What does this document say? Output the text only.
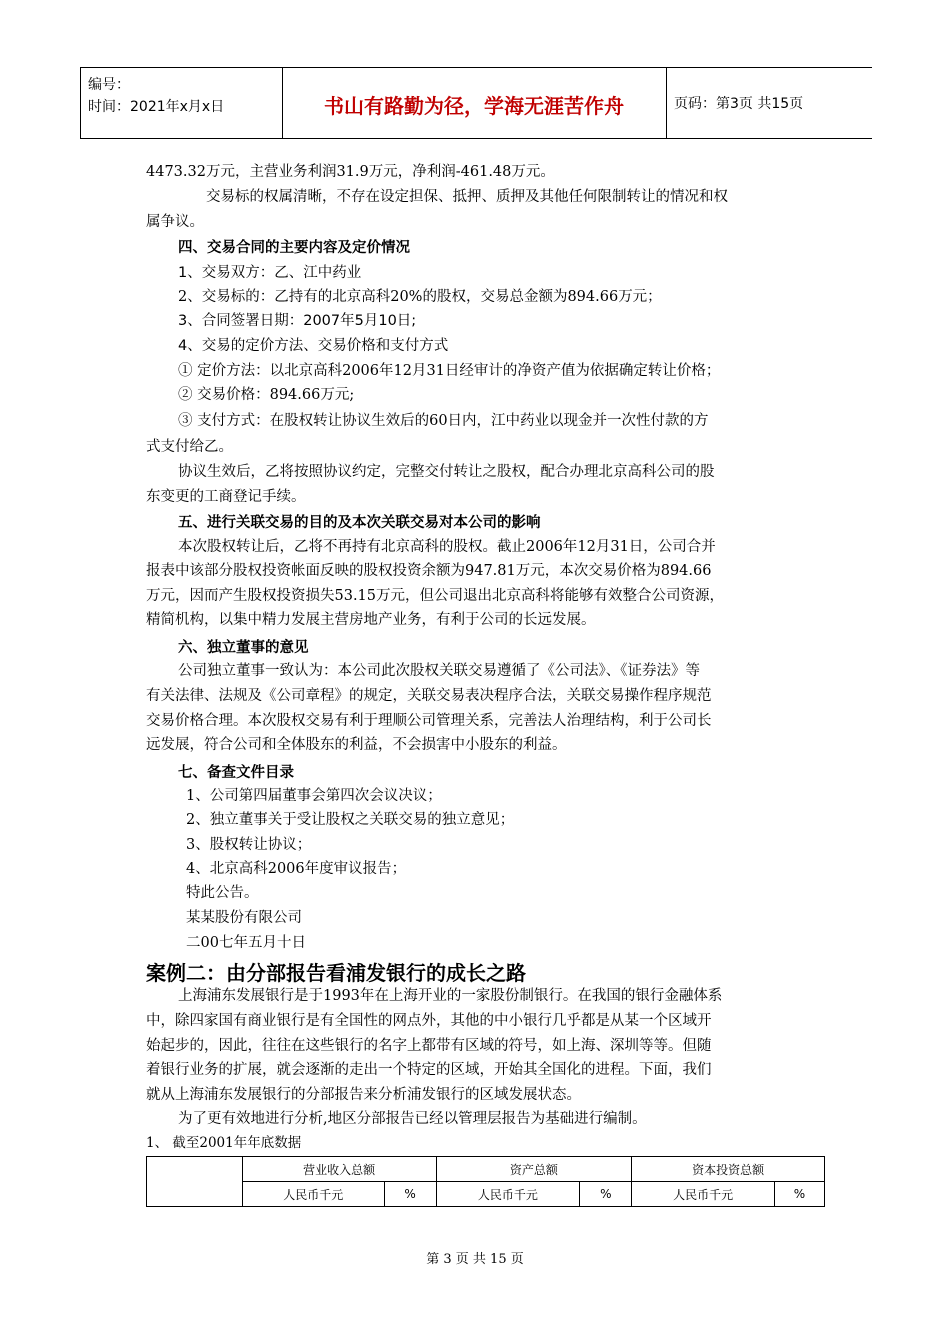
编号：
时间：2021年x月x日	书山有路勤为径，学海无涯苦作舟	页码：第3页 共15页
4473.32万元，主营业务利润31.9万元，净利润-461.48万元。
交易标的权属清晰，不存在设定担保、抵押、质押及其他任何限制转让的情况和权
属争议。
四、交易合同的主要内容及定价情况
1、交易双方：乙、江中药业
2、交易标的：乙持有的北京高科20%的股权，交易总金额为894.66万元；
3、合同签署日期：2007年5月10日;
4、交易的定价方法、交易价格和支付方式
① 定价方法：以北京高科2006年12月31日经审计的净资产值为依据确定转让价格；
② 交易价格：894.66万元;
③ 支付方式：在股权转让协议生效后的60日内，江中药业以现金并一次性付款的方
式支付给乙。
协议生效后，乙将按照协议约定，完整交付转让之股权，配合办理北京高科公司的股
东变更的工商登记手续。
五、进行关联交易的目的及本次关联交易对本公司的影响
本次股权转让后，乙将不再持有北京高科的股权。截止2006年12月31日，公司合并
报表中该部分股权投资帐面反映的股权投资余额为947.81万元，本次交易价格为894.66
万元，因而产生股权投资损失53.15万元，但公司退出北京高科将能够有效整合公司资源，
精简机构，以集中精力发展主营房地产业务，有利于公司的长远发展。
六、独立董事的意见
公司独立董事一致认为：本公司此次股权关联交易遵循了《公司法》、《证券法》等
有关法律、法规及《公司章程》的规定，关联交易表决程序合法，关联交易操作程序规范
交易价格合理。本次股权交易有利于理顺公司管理关系，完善法人治理结构，利于公司长
远发展，符合公司和全体股东的利益，不会损害中小股东的利益。
七、备查文件目录
1、公司第四届董事会第四次会议决议；
2、独立董事关于受让股权之关联交易的独立意见；
3、股权转让协议；
4、北京高科2006年度审议报告；
特此公告。
某某股份有限公司
二00七年五月十日
案例二：由分部报告看浦发银行的成长之路
上海浦东发展银行是于1993年在上海开业的一家股份制银行。在我国的银行金融体系
中，除四家国有商业银行是有全国性的网点外，其他的中小银行几乎都是从某一个区域开
始起步的，因此，往往在这些银行的名字上都带有区域的符号，如上海、深圳等等。但随
着银行业务的扩展，就会逐渐的走出一个特定的区域，开始其全国化的进程。下面，我们
就从上海浦东发展银行的分部报告来分析浦发银行的区域发展状态。
为了更有效地进行分析,地区分部报告已经以管理层报告为基础进行编制。
1、 截至2001年年底数据
	营业收入总额		资产总额		资本投资总额	
	人民币千元	%	人民币千元	%	人民币千元	%
第 3 页 共 15 页
